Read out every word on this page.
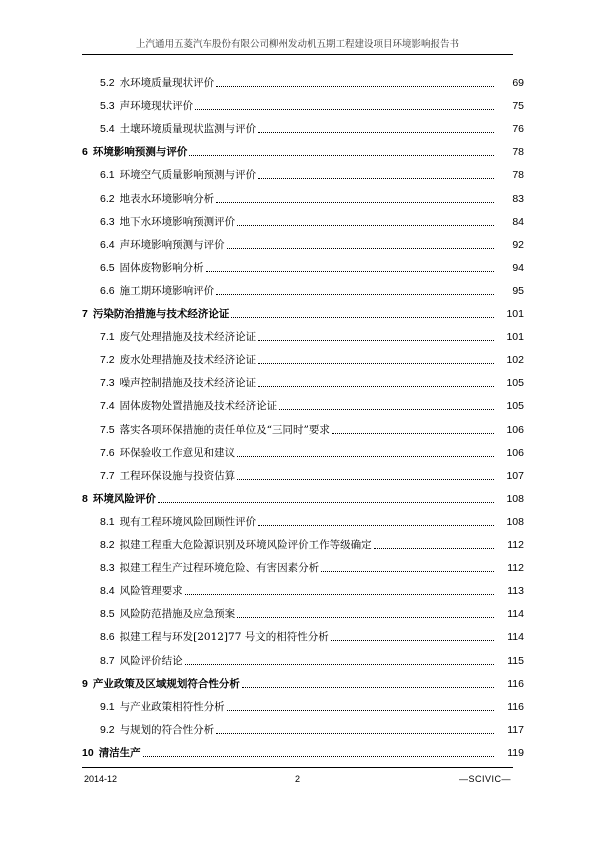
上汽通用五菱汽车股份有限公司柳州发动机五期工程建设项目环境影响报告书
5.2 水环境质量现状评价	69
5.3 声环境现状评价	75
5.4 土壤环境质量现状监测与评价	76
6 环境影响预测与评价	78
6.1 环境空气质量影响预测与评价	78
6.2 地表水环境影响分析	83
6.3 地下水环境影响预测评价	84
6.4 声环境影响预测与评价	92
6.5 固体废物影响分析	94
6.6 施工期环境影响评价	95
7 污染防治措施与技术经济论证	101
7.1 废气处理措施及技术经济论证	101
7.2 废水处理措施及技术经济论证	102
7.3 噪声控制措施及技术经济论证	105
7.4 固体废物处置措施及技术经济论证	105
7.5 落实各项环保措施的责任单位及“三同时”要求	106
7.6 环保验收工作意见和建议	106
7.7 工程环保设施与投资估算	107
8 环境风险评价	108
8.1 现有工程环境风险回顾性评价	108
8.2 拟建工程重大危险源识别及环境风险评价工作等级确定	112
8.3 拟建工程生产过程环境危险、有害因素分析	112
8.4 风险管理要求	113
8.5 风险防范措施及应急预案	114
8.6 拟建工程与环发[2012]77 号文的相符性分析	114
8.7 风险评价结论	115
9 产业政策及区域规划符合性分析	116
9.1 与产业政策相符性分析	116
9.2 与规划的符合性分析	117
10 清洁生产	119
2014-12	2	—SCIVIC—
